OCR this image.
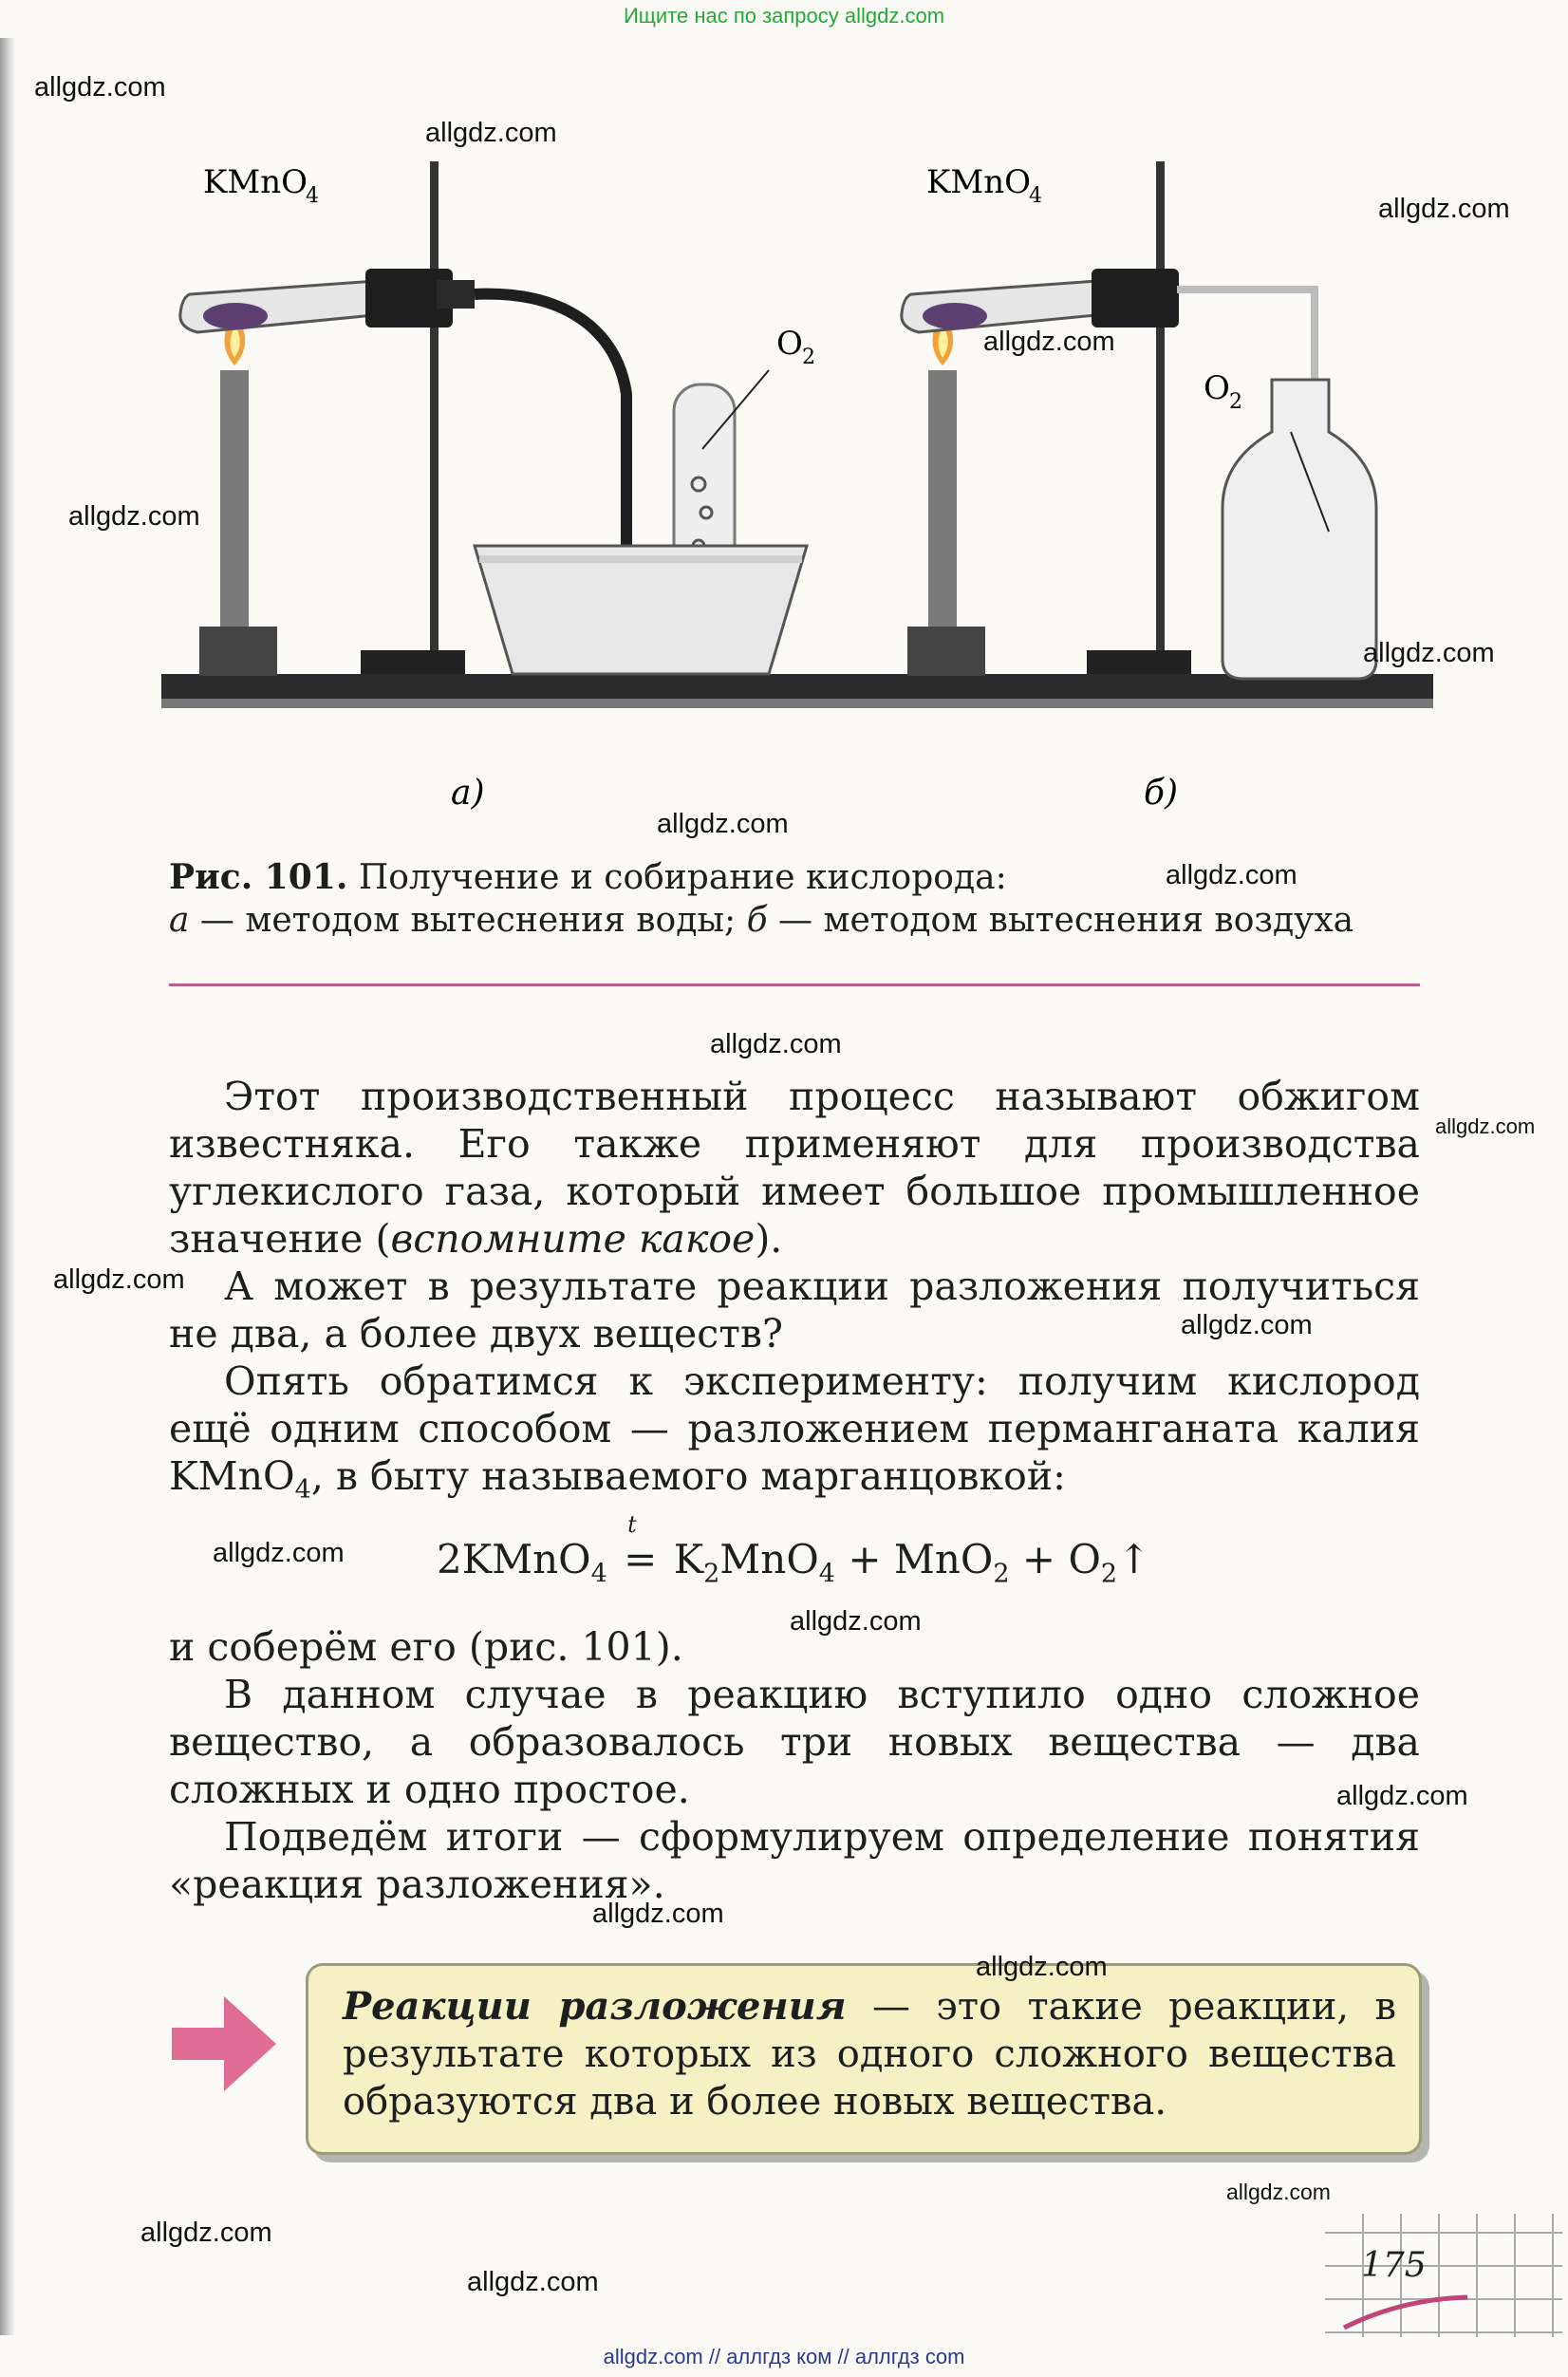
Ищите нас по запросу allgdz.com

KMnO
4	KMnO
4
O 2
O 2
а)	б)
Рис. 101. Получение и собирание кислорода:
а — методом вытеснения воды; б — методом вытеснения воздуха

Этот производственный процесс называют обжигом известняка. Его также применяют для производства углекислого газа, который имеет большое промышленное значение (вспомните какое).

А может в результате реакции разложения получиться не два, а более двух веществ?

Опять обратимся к эксперименту: получим кислород ещё одним способом — разложением перманганата калия KMnO$_4$, в быту называемого марганцовкой:

2KMnO$_4$ =
t
$K_2MnO_4 + MnO_2$ + $O_2↑$

и соберём его (рис. 101).

В данном случае в реакцию вступило одно сложное вещество, а образовалось три новых вещества — два сложных и одно простое.

Подведём итоги — сформулируем определение понятия «реакция разложения».

Реакции разложения — это такие реакции, в результате которых из одного сложного вещества образуются два и более новых вещества.
175
allgdz.com
allgdz.com
allgdz.com
allgdz.com
allgdz.com
allgdz.com
allgdz.com
allgdz.com
allgdz.com
allgdz.com
allgdz.com
allgdz.com
allgdz.com
allgdz.com
allgdz.com
allgdz.com
allgdz.com
allgdz.com
allgdz.com
allgdz.com
allgdz.com // аллгдз ком // аллгдз com
